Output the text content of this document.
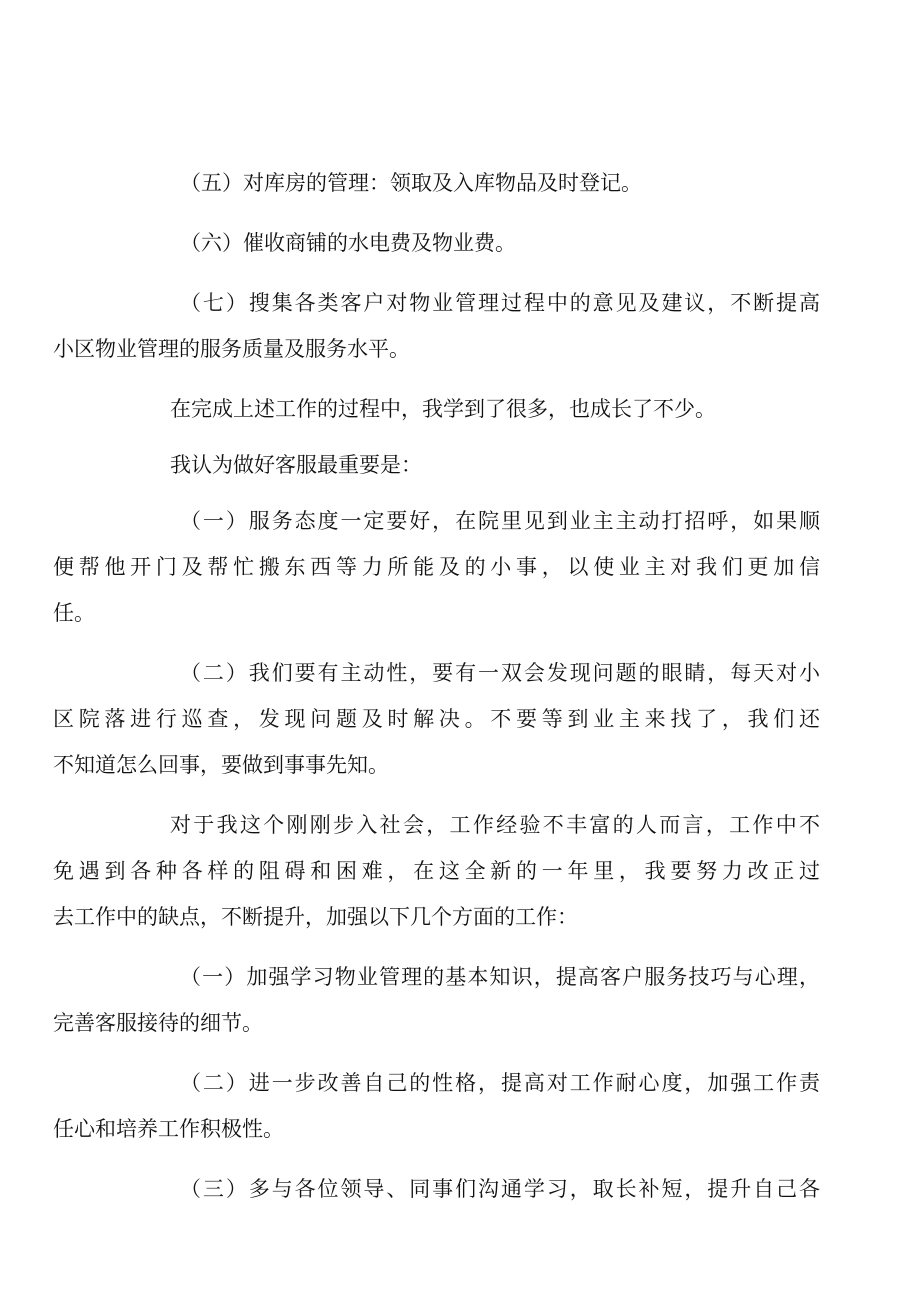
（五）对库房的管理：领取及入库物品及时登记。
（六）催收商铺的水电费及物业费。
（七）搜集各类客户对物业管理过程中的意见及建议，不断提高
小区物业管理的服务质量及服务水平。
在完成上述工作的过程中，我学到了很多，也成长了不少。
我认为做好客服最重要是：
（一）服务态度一定要好，在院里见到业主主动打招呼，如果顺
便帮他开门及帮忙搬东西等力所能及的小事，以使业主对我们更加信
任。
（二）我们要有主动性，要有一双会发现问题的眼睛，每天对小
区院落进行巡查，发现问题及时解决。不要等到业主来找了，我们还
不知道怎么回事，要做到事事先知。
对于我这个刚刚步入社会，工作经验不丰富的人而言，工作中不
免遇到各种各样的阻碍和困难，在这全新的一年里，我要努力改正过
去工作中的缺点，不断提升，加强以下几个方面的工作：
（一）加强学习物业管理的基本知识，提高客户服务技巧与心理，
完善客服接待的细节。
（二）进一步改善自己的性格，提高对工作耐心度，加强工作责
任心和培养工作积极性。
（三）多与各位领导、同事们沟通学习，取长补短，提升自己各
